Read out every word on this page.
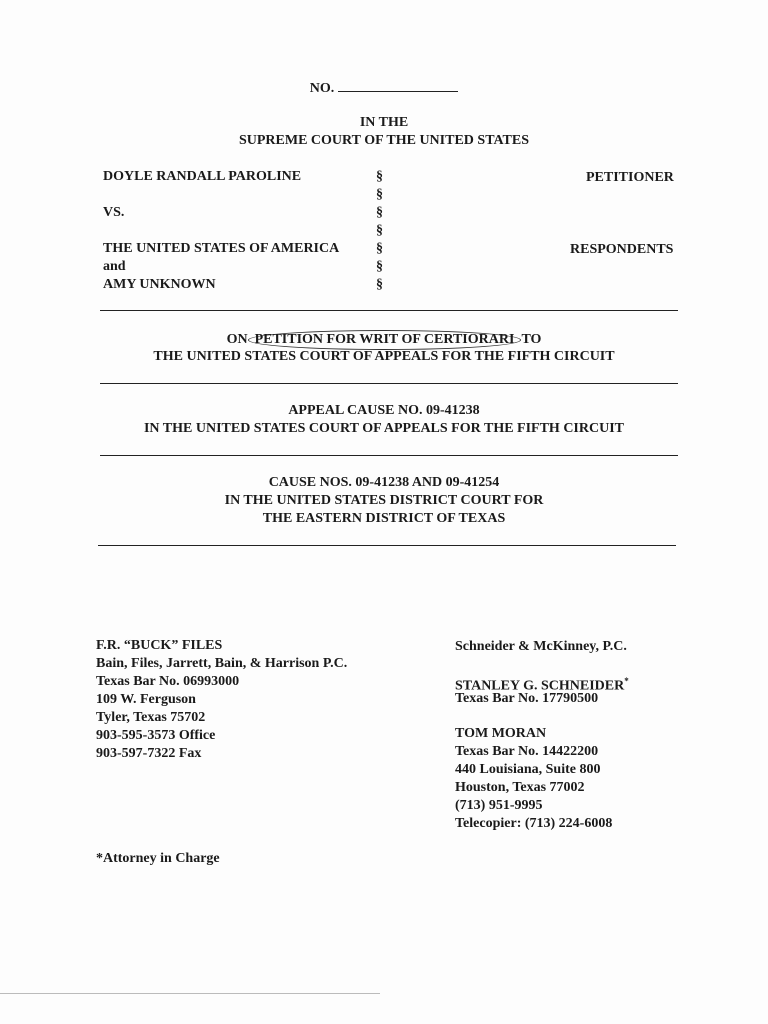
NO.
IN THE
SUPREME COURT OF THE UNITED STATES
DOYLE RANDALL PAROLINE
VS.
THE UNITED STATES OF AMERICA
and
AMY UNKNOWN
§
§
§
§
§
§
§
PETITIONER
RESPONDENTS
ON PETITION FOR WRIT OF CERTIORARI TO
THE UNITED STATES COURT OF APPEALS FOR THE FIFTH CIRCUIT
APPEAL CAUSE NO. 09-41238
IN THE UNITED STATES COURT OF APPEALS FOR THE FIFTH CIRCUIT
CAUSE NOS. 09-41238 AND 09-41254
IN THE UNITED STATES DISTRICT COURT FOR
THE EASTERN DISTRICT OF TEXAS
F.R. “BUCK” FILES
Bain, Files, Jarrett, Bain, & Harrison P.C.
Texas Bar No. 06993000
109 W. Ferguson
Tyler, Texas 75702
903-595-3573 Office
903-597-7322 Fax
Schneider & McKinney, P.C.
STANLEY G. SCHNEIDER*
Texas Bar No. 17790500
TOM MORAN
Texas Bar No. 14422200
440 Louisiana, Suite 800
Houston, Texas 77002
(713) 951-9995
Telecopier: (713) 224-6008
*Attorney in Charge
